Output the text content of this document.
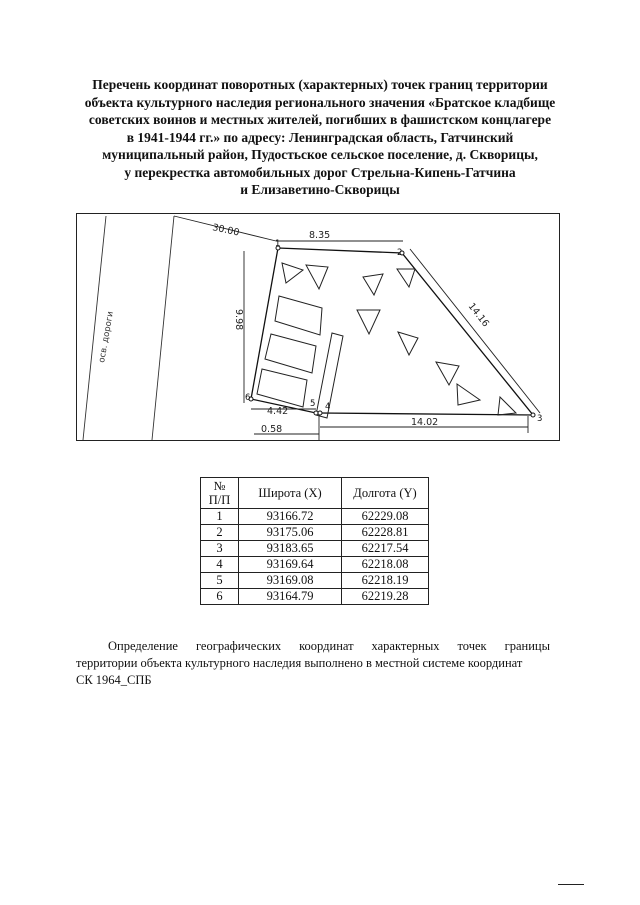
Перечень координат поворотных (характерных) точек границ территории
объекта культурного наследия регионального значения «Братское кладбище
советских воинов и местных жителей, погибших в фашистском концлагере
в 1941-1944 гг.» по адресу: Ленинградская область, Гатчинский
муниципальный район, Пудостьское сельское поселение, д. Скворицы,
у перекрестка автомобильных дорог Стрельна-Кипень-Гатчина
и Елизаветино-Скворицы
осв. дороги
30.00	8.35
14.16
14.02
9.98
4.42
0.58
1
2
3
4
5
6
№
П/П	Широта (X)	Долгота (Y)
1	93166.72	62229.08
2	93175.06	62228.81
3	93183.65	62217.54
4	93169.64	62218.08
5	93169.08	62218.19
6	93164.79	62219.28
Определение географических координат характерных точек границы
территории объекта культурного наследия выполнено в местной системе координат
СК 1964_СПБ
